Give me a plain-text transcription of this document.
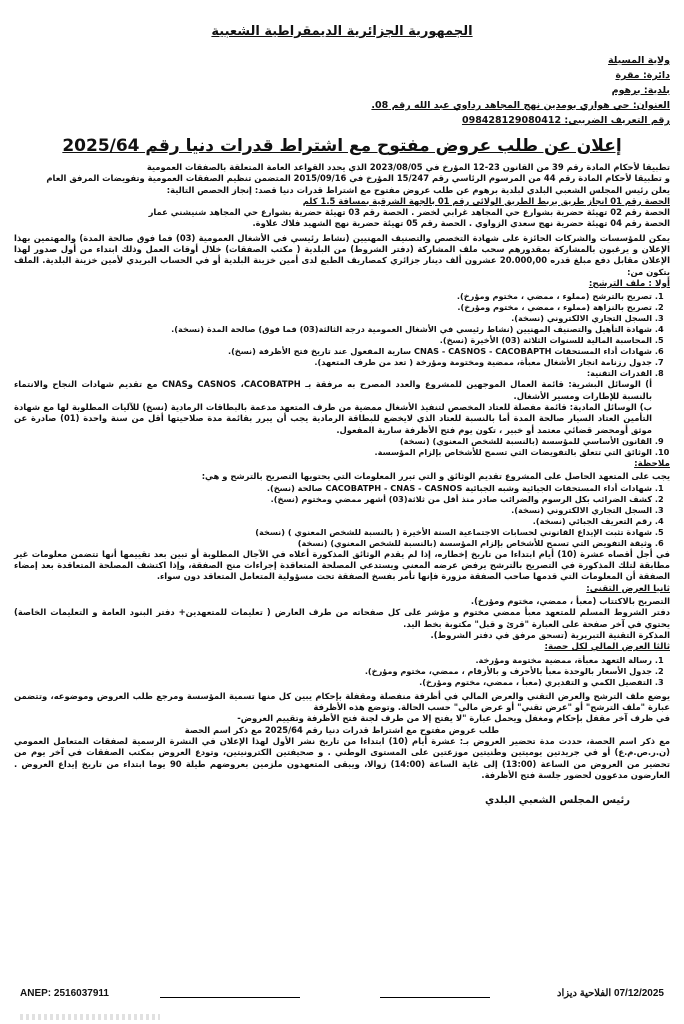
الجمهورية الجزائرية الديمقراطية الشعبية
ولاية المسيلة
دائرة: مقرة
بلدية: برهوم
العنوان: حي هواري بومدين نهج المجاهد رداوي عبد الله رقم 08.
رقم التعريف الضريبي: 098428129080412
إعلان عن طلب عروض مفتوح مع اشتراط قدرات دنيا رقم 2025/64

تطبيقا لأحكام المادة رقم 39 من القانون 23-12 المؤرخ في 2023/08/05 الذي يحدد القواعد العامة المتعلقة بالصفقات العمومية

و تطبيقا لأحكام المادة رقم 44 من المرسوم الرئاسي رقم 15/247 المؤرخ في 2015/09/16 المتضمن تنظيم الصفقات العمومية وتفويضات المرفق العام

يعلن رئيس المجلس الشعبي البلدي لبلدية برهوم عن طلب عروض مفتوح مع اشتراط قدرات دنيا قصد: إنجاز الحصص التالية:

الحصة رقم 01 انجاز طريق يربط الطريق الولائي رقم 01 بالجهة الشرقية بمسافة 1.5 كلم

الحصة رقم 02 تهيئة حضرية بشوارع حي المجاهد غرابي لخضر . الحصة رقم 03 تهيئة حضرية بشوارع حي المجاهد شنيشني عمار

الحصة رقم 04 تهيئة حضرية نهج سعدي الزواوي . الحصة رقم 05 تهيئة حضرية نهج الشهيد فلاك علاوة.

يمكن للمؤسسات والشركات الحائزة على شهادة التخصص والتصنيف المهنيين (نشاط رئيسي في الأشغال العمومية (03) فما فوق صالحة المدة) والمهتمين بهذا الإعلان و يرغبون بالمشاركة بمقدورهم سحب ملف المشاركة (دفتر الشروط) من البلدية ( مكتب الصفقات) خلال أوقات العمل وذلك ابتداء من أول صدور لهذا الإعلان مقابل دفع مبلغ قدره 20.000,00 عشرون ألف دينار جزائري كمصاريف الطبع لدى أمين خزينة البلدية أو في الحساب البريدي لأمين خزينة البلدية. الملف يتكون من:

أولا : ملف الترشح:
1. تصريح بالترشح (مملوء ، ممضي ، مختوم ومؤرخ).
2. تصريح بالنزاهة (مملوء ، ممضي ، مختوم ومؤرخ).
3. السجل التجاري الالكتروني (نسخة).
4. شهادة التأهيل والتصنيف المهنيين (نشاط رئيسي في الأشغال العمومية درجة الثالثة(03) فما فوق) صالحة المدة (نسخة).
5. المحاسبة المالية للسنوات الثلاثة (03) الأخيرة (نسخ).
6. شهادات أداء المستحقات CNAS - CASNOS - CACOBAPTH سارية المفعول عند تاريخ فتح الأظرفة (نسخ).
7. جدول رزنامة انجاز الأشغال معبأة، ممضية ومختومة ومؤرخة ( تعد من طرف المتعهد).
8. القدرات التقنية:

أ) الوسائل البشرية: قائمة العمال الموجهين للمشروع والعدد المصرح به مرفقة بـ CASNOS ،CACOBATPH وCNAS مع تقديم شهادات النجاح والانتماء بالنسبة للإطارات ومسير الأشغال.

ب) الوسائل المادية: قائمة مفصلة للعتاد المخصص لتنفيذ الأشغال ممضية من طرف المتعهد مدعمة بالبطاقات الرمادية (نسخ) للآليات المطلوبة لها مع شهادة التأمين العتاد السيار صالحة المدة أما بالنسبة للعتاد الذي لايخضع للبطاقة الرمادية يجب أن يبرر بقائمة مدة صلاحيتها أقل من سنة واحدة (01) صادرة عن موثق أومحضر قضائي معتمد أو خبير ، تكون يوم فتح الأظرفة سارية المفعول.

9. القانون الأساسي للمؤسسة (بالنسبة للشخص المعنوي) (نسخة)
10. الوثائق التي تتعلق بالتفويضات التي تسمح للأشخاص بإلزام المؤسسة.
ملاحظة:

يجب على المتعهد الحاصل على المشروع تقديم الوثائق و التي تبرر المعلومات التي يحتويها التصريح بالترشح و هي:

1. شهادات أداء المستحقات الجبائية وشبه الجبائية CACOBATPH - CNAS - CASNOS صالحة (نسخ).
2. كشف الضرائب بكل الرسوم والضرائب صادر منذ أقل من ثلاثة(03) أشهر ممضي ومختوم (نسخ).
3. السجل التجاري الالكتروني (نسخة).
4. رقم التعريف الجبائي (نسخة).
5. شهادة تثبت الإيداع القانوني لحسابات الاجتماعية السنة الأخيرة ( بالنسبة للشخص المعنوي ) (نسخة)
6. وثيقة التفويض التي تسمح للأشخاص بإلزام المؤسسة (بالنسبة للشخص المعنوي) (نسخة)

في أجل أقصاه عشرة (10) أيام ابتداءا من تاريخ إخطاره، إذا لم يقدم الوثائق المذكورة أعلاه في الآجال المطلوبة أو تبين بعد تقييمها أنها تتضمن معلومات غير مطابقة لتلك المذكورة في التصريح بالترشح يرفض عرضه المعني ويستدعي المصلحة المتعاقدة إجراءات منح الصفقة، وإذا اكتشف المصلحة المتعاقدة بعد إمضاء الصفقة أن المعلومات التي قدمها صاحب الصفقة مزورة فإنها تأمر بفسخ الصفقة تحت مسؤولية المتعامل المتعاقد دون سواء.

ثانيا العرض التقني:

التصريح بالاكتتاب (معبأ ، ممضي، مختوم ومؤرخ).

دفتر الشروط المسلم للمتعهد معبأ ممضي مختوم و مؤشر على كل صفحاته من طرف العارض ( تعليمات للمتعهدين+ دفتر البنود العامة و التعليمات الخاصة) يحتوي في آخر صفحة على العبارة "قرئ و قبل" مكتوبة بخط اليد.

المذكرة التقنية التبريرية (تسحق مرفق في دفتر الشروط).

ثالثا العرض المالي لكل حصة:
1. رسالة التعهد معبأة، ممضية مختومة ومؤرخة.
2. جدول الأسعار بالوحدة معبأ بالأحرف و بالأرقام ، ممضي، مختوم ومؤرخ).
3. التفصيل الكمي و التقديري (معبأ ، ممضي، مختوم ومؤرخ).

يوضع ملف الترشح والعرض التقني والعرض المالي في أظرفة منفصلة ومقفلة بإحكام يبين كل منها تسمية المؤسسة ومرجع طلب العروض وموضوعه، وتتضمن عبارة "ملف الترشح" أو "عرض تقني" أو عرض مالي" حسب الحالة. وتوضع هذه الأظرفة

في ظرف آخر مقفل بإحكام ومغفل ويحمل عبارة "لا يفتح إلا من طرف لجنة فتح الأظرفة وتقييم العروض-

طلب عروض مفتوح مع اشتراط قدرات دنيا رقم 2025/64 مع ذكر اسم الحصة

مع ذكر اسم الحصة، حددت مدة تحضير العروض بـ: عشرة أيام (10) ابتداءا من تاريخ نشر الأول لهذا الإعلان في النشرة الرسمية لصفقات المتعامل العمومي (ن.ر.ص.م.ع) أو في جريدتين يوميتين وطنيتين موزعتين على المستوى الوطني . و صحيفتين الكترونيتين، وتودع العروض بمكتب الصفقات في آخر يوم من تحضير من العروض من الساعة (13:00) إلى غاية الساعة (14:00) زوالا، ويبقى المتعهدون ملزمين بعروضهم طيلة 90 يوما ابتداء من تاريخ إيداع العروض . العارضون مدعوون لحضور جلسة فتح الأظرفة.

رئيس المجلس الشعبي البلدي
ANEP: 2516037911	07/12/2025 الفلاحية ديزاد
